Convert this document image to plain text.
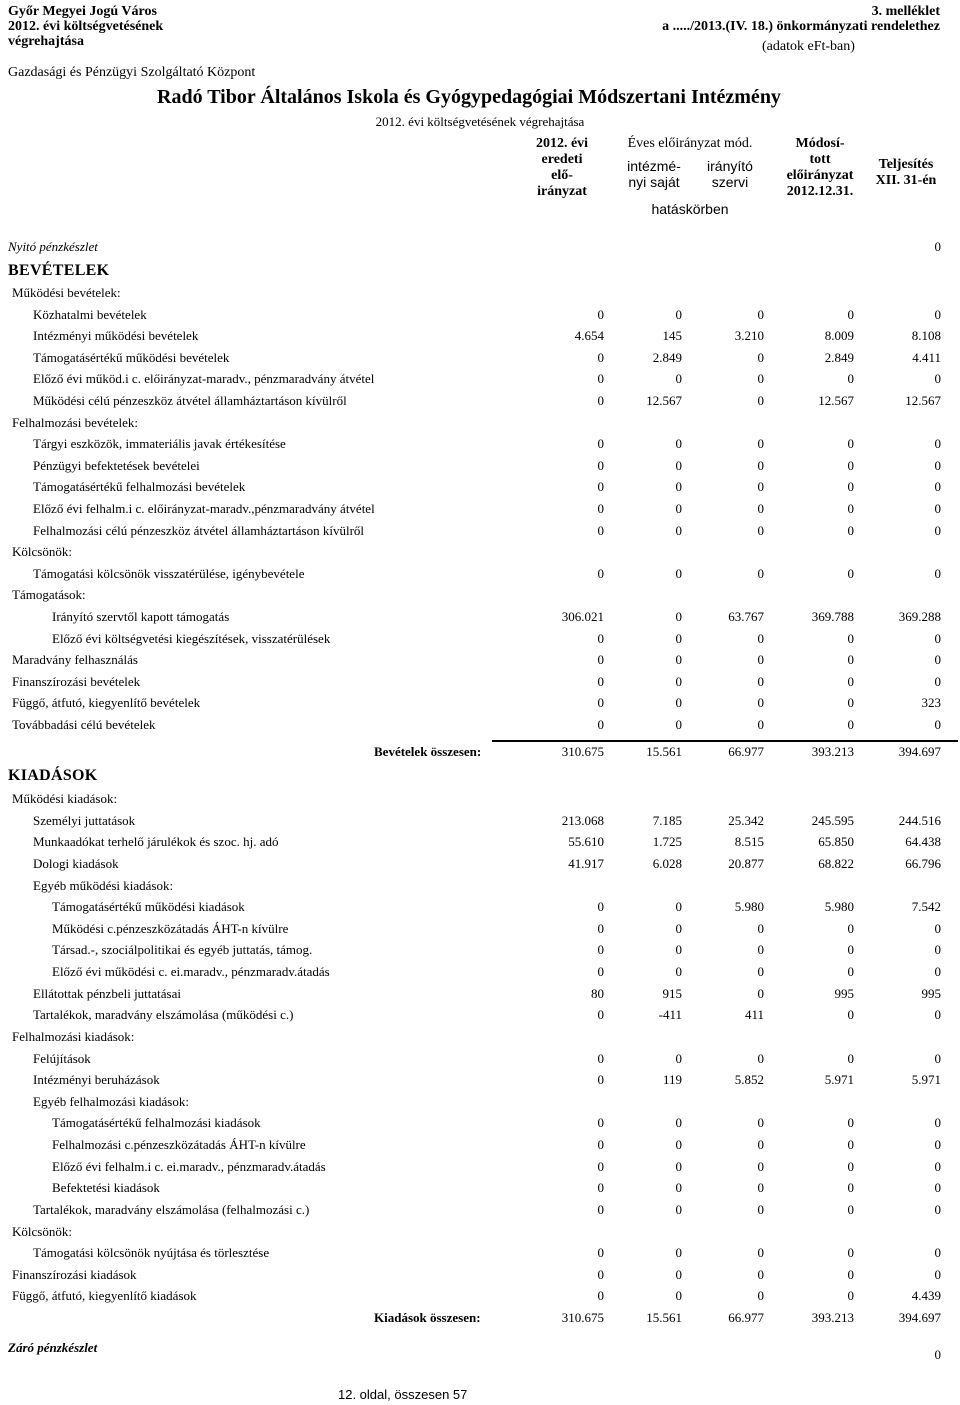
Győr Megyei Jogú Város
2012. évi költségvetésének
végrehajtása
3. melléklet
a ...../2013.(IV. 18.) önkormányzati rendelethez
(adatok eFt-ban)
Gazdasági és Pénzügyi Szolgáltató Központ
Radó Tibor Általános Iskola és Gyógypedagógiai Módszertani Intézmény
2012. évi költségvetésének végrehajtása
2012. évi
eredeti
elő-
irányzat
Éves előirányzat mód.
intézmé-
nyi saját
irányító
szervi
hatáskörben
Módosí-
tott
előirányzat
2012.12.31.
Teljesítés
XII. 31-én
Nyitó pénzkészlet	0
BEVÉTELEK
Működési bevételek:
Közhatalmi bevételek	0	0	0	0	0
Intézményi működési bevételek	4.654	145	3.210	8.009	8.108
Támogatásértékű működési bevételek	0	2.849	0	2.849	4.411
Előző évi működ.i c. előirányzat-maradv., pénzmaradvány átvétel	0	0	0	0	0
Működési célú pénzeszköz átvétel államháztartáson kívülről	0	12.567	0	12.567	12.567
Felhalmozási bevételek:
Tárgyi eszközök, immateriális javak értékesítése	0	0	0	0	0
Pénzügyi befektetések bevételei	0	0	0	0	0
Támogatásértékű felhalmozási bevételek	0	0	0	0	0
Előző évi felhalm.i c. előirányzat-maradv.,pénzmaradvány átvétel	0	0	0	0	0
Felhalmozási célú pénzeszköz átvétel államháztartáson kívülről	0	0	0	0	0
Kölcsönök:
Támogatási kölcsönök visszatérülése, igénybevétele	0	0	0	0	0
Támogatások:
Irányító szervtől kapott támogatás	306.021	0	63.767	369.788	369.288
Előző évi költségvetési kiegészítések, visszatérülések	0	0	0	0	0
Maradvány felhasználás	0	0	0	0	0
Finanszírozási bevételek	0	0	0	0	0
Függő, átfutó, kiegyenlítő bevételek	0	0	0	0	323
Továbbadási célú bevételek	0	0	0	0	0
Bevételek összesen:	310.675	15.561	66.977	393.213	394.697
KIADÁSOK
Működési kiadások:
Személyi juttatások	213.068	7.185	25.342	245.595	244.516
Munkaadókat terhelő járulékok és szoc. hj. adó	55.610	1.725	8.515	65.850	64.438
Dologi kiadások	41.917	6.028	20.877	68.822	66.796
Egyéb működési kiadások:
Támogatásértékű működési kiadások	0	0	5.980	5.980	7.542
Működési c.pénzeszközátadás ÁHT-n kívülre	0	0	0	0	0
Társad.-, szociálpolitikai és egyéb juttatás, támog.	0	0	0	0	0
Előző évi működési c. ei.maradv., pénzmaradv.átadás	0	0	0	0	0
Ellátottak pénzbeli juttatásai	80	915	0	995	995
Tartalékok, maradvány elszámolása (működési c.)	0	-411	411	0	0
Felhalmozási kiadások:
Felújítások	0	0	0	0	0
Intézményi beruházások	0	119	5.852	5.971	5.971
Egyéb felhalmozási kiadások:
Támogatásértékű felhalmozási kiadások	0	0	0	0	0
Felhalmozási c.pénzeszközátadás ÁHT-n kívülre	0	0	0	0	0
Előző évi felhalm.i c. ei.maradv., pénzmaradv.átadás	0	0	0	0	0
Befektetési kiadások	0	0	0	0	0
Tartalékok, maradvány elszámolása (felhalmozási c.)	0	0	0	0	0
Kölcsönök:
Támogatási kölcsönök nyújtása és törlesztése	0	0	0	0	0
Finanszírozási kiadások	0	0	0	0	0
Függő, átfutó, kiegyenlítő kiadások	0	0	0	0	4.439
Kiadások összesen:	310.675	15.561	66.977	393.213	394.697
Záró pénzkészlet	0
12. oldal, összesen 57
